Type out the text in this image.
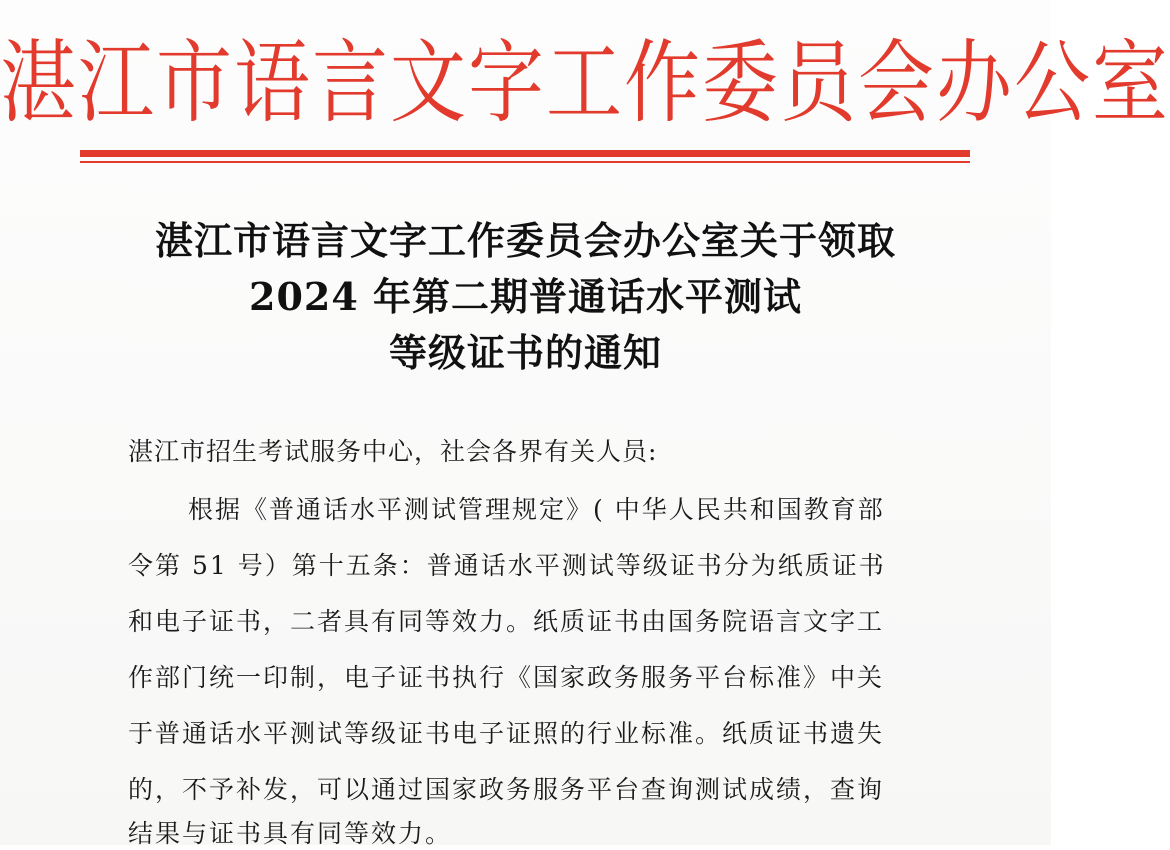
湛江市语言文字工作委员会办公室
湛江市语言文字工作委员会办公室关于领取
2024 年第二期普通话水平测试
等级证书的通知
湛江市招生考试服务中心，社会各界有关人员:
根据《普通话水平测试管理规定》( 中华人民共和国教育部
令第 51 号）第十五条：普通话水平测试等级证书分为纸质证书
和电子证书，二者具有同等效力。纸质证书由国务院语言文字工
作部门统一印制，电子证书执行《国家政务服务平台标准》中关
于普通话水平测试等级证书电子证照的行业标准。纸质证书遗失
的，不予补发，可以通过国家政务服务平台查询测试成绩，查询
结果与证书具有同等效力。
